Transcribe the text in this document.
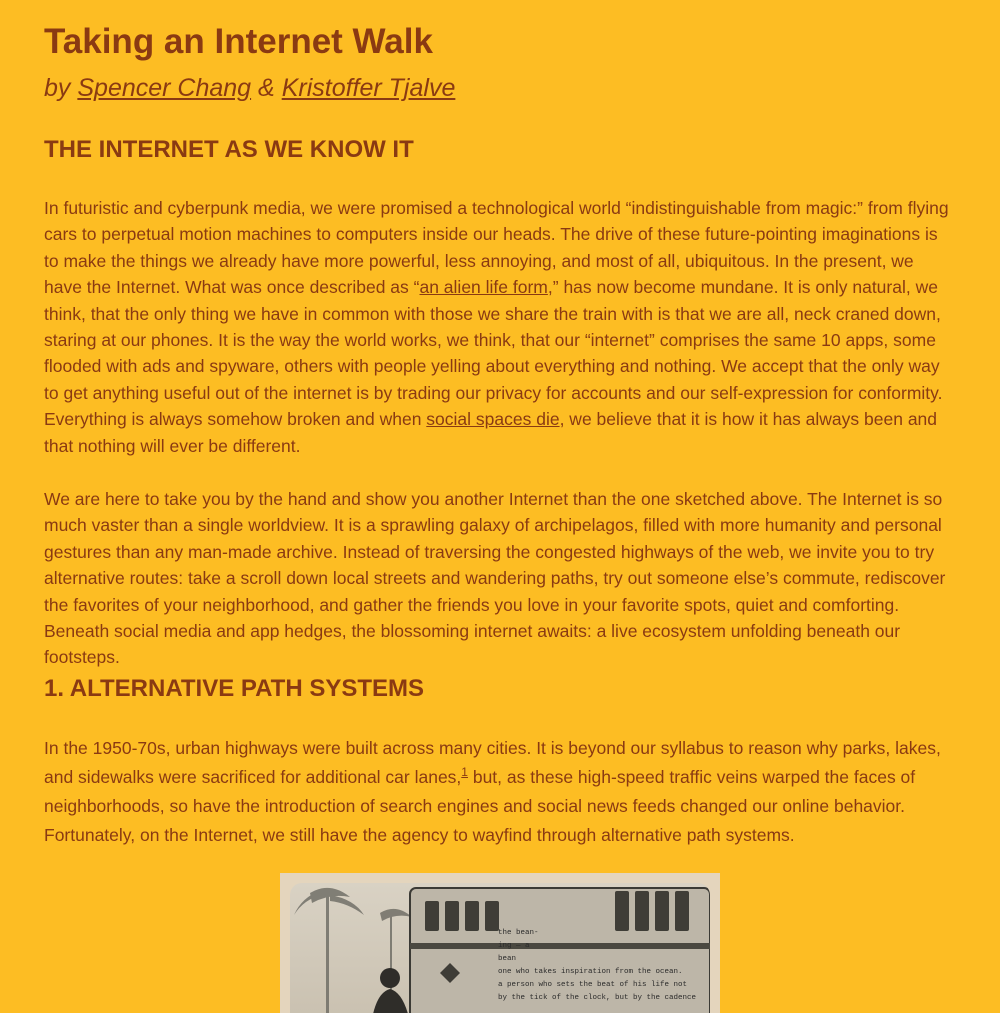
Taking an Internet Walk

by Spencer Chang & Kristoffer Tjalve

THE INTERNET AS WE KNOW IT

In futuristic and cyberpunk media, we were promised a technological world “indistinguishable from magic:” from flying cars to perpetual motion machines to computers inside our heads. The drive of these future-pointing imaginations is to make the things we already have more powerful, less annoying, and most of all, ubiquitous. In the present, we have the Internet. What was once described as “an alien life form,” has now become mundane. It is only natural, we think, that the only thing we have in common with those we share the train with is that we are all, neck craned down, staring at our phones. It is the way the world works, we think, that our “internet” comprises the same 10 apps, some flooded with ads and spyware, others with people yelling about everything and nothing. We accept that the only way to get anything useful out of the internet is by trading our privacy for accounts and our self-expression for conformity. Everything is always somehow broken and when social spaces die, we believe that it is how it has always been and that nothing will ever be different.

We are here to take you by the hand and show you another Internet than the one sketched above. The Internet is so much vaster than a single worldview. It is a sprawling galaxy of archipelagos, filled with more humanity and personal gestures than any man-made archive. Instead of traversing the congested highways of the web, we invite you to try alternative routes: take a scroll down local streets and wandering paths, try out someone else’s commute, rediscover the favorites of your neighborhood, and gather the friends you love in your favorite spots, quiet and comforting. Beneath social media and app hedges, the blossoming internet awaits: a live ecosystem unfolding beneath our footsteps.

1. ALTERNATIVE PATH SYSTEMS

In the 1950-70s, urban highways were built across many cities. It is beyond our syllabus to reason why parks, lakes, and sidewalks were sacrificed for additional car lanes,$^1$ but, as these high-speed traffic veins warped the faces of neighborhoods, so have the introduction of search engines and social news feeds changed our online behavior. Fortunately, on the Internet, we still have the agency to wayfind through alternative path systems.

the bean-
ing — a
bean
one who takes inspiration from the ocean.
a person who sets the beat of his life not
by the tick of the clock, but by the cadence
